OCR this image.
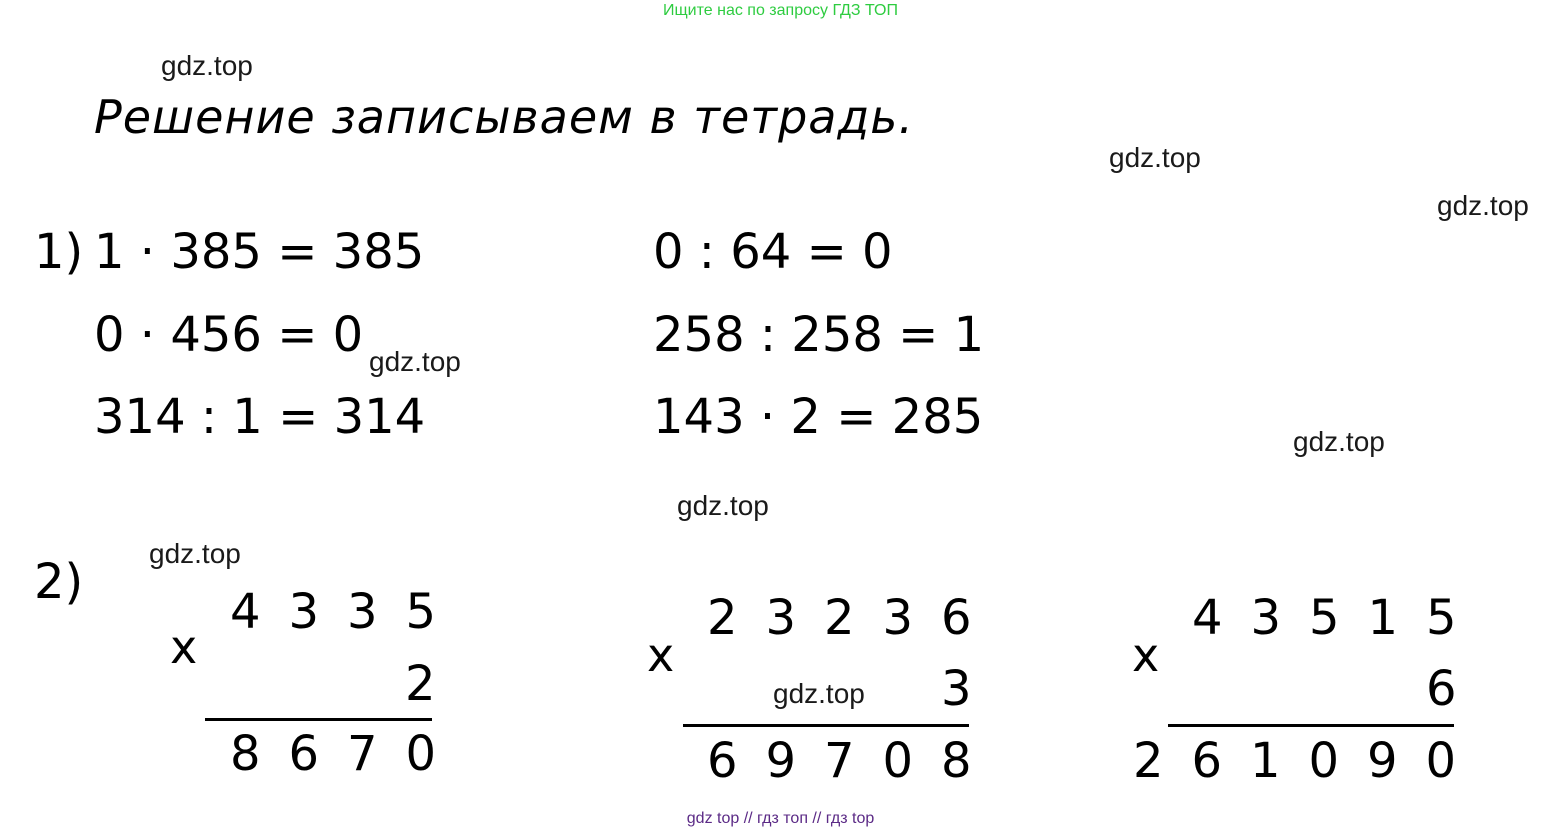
Ищите нас по запросу ГДЗ ТОП
gdz.top
gdz.top
gdz.top
gdz.top
gdz.top
gdz.top
gdz.top
gdz.top
Решение записываем в тетрадь.
1) 1 · 385 = 385
0 · 456 = 0
314 : 1 = 314
0 : 64 = 0
258 : 258 = 1
143 · 2 = 285
2)
x
4 3 3 5
2
8 6 7 0
x
2 3 2 3 6
3
6 9 7 0 8
x
4 3 5 1 5
6
2 6 1 0 9 0
gdz top // гдз топ // гдз top
